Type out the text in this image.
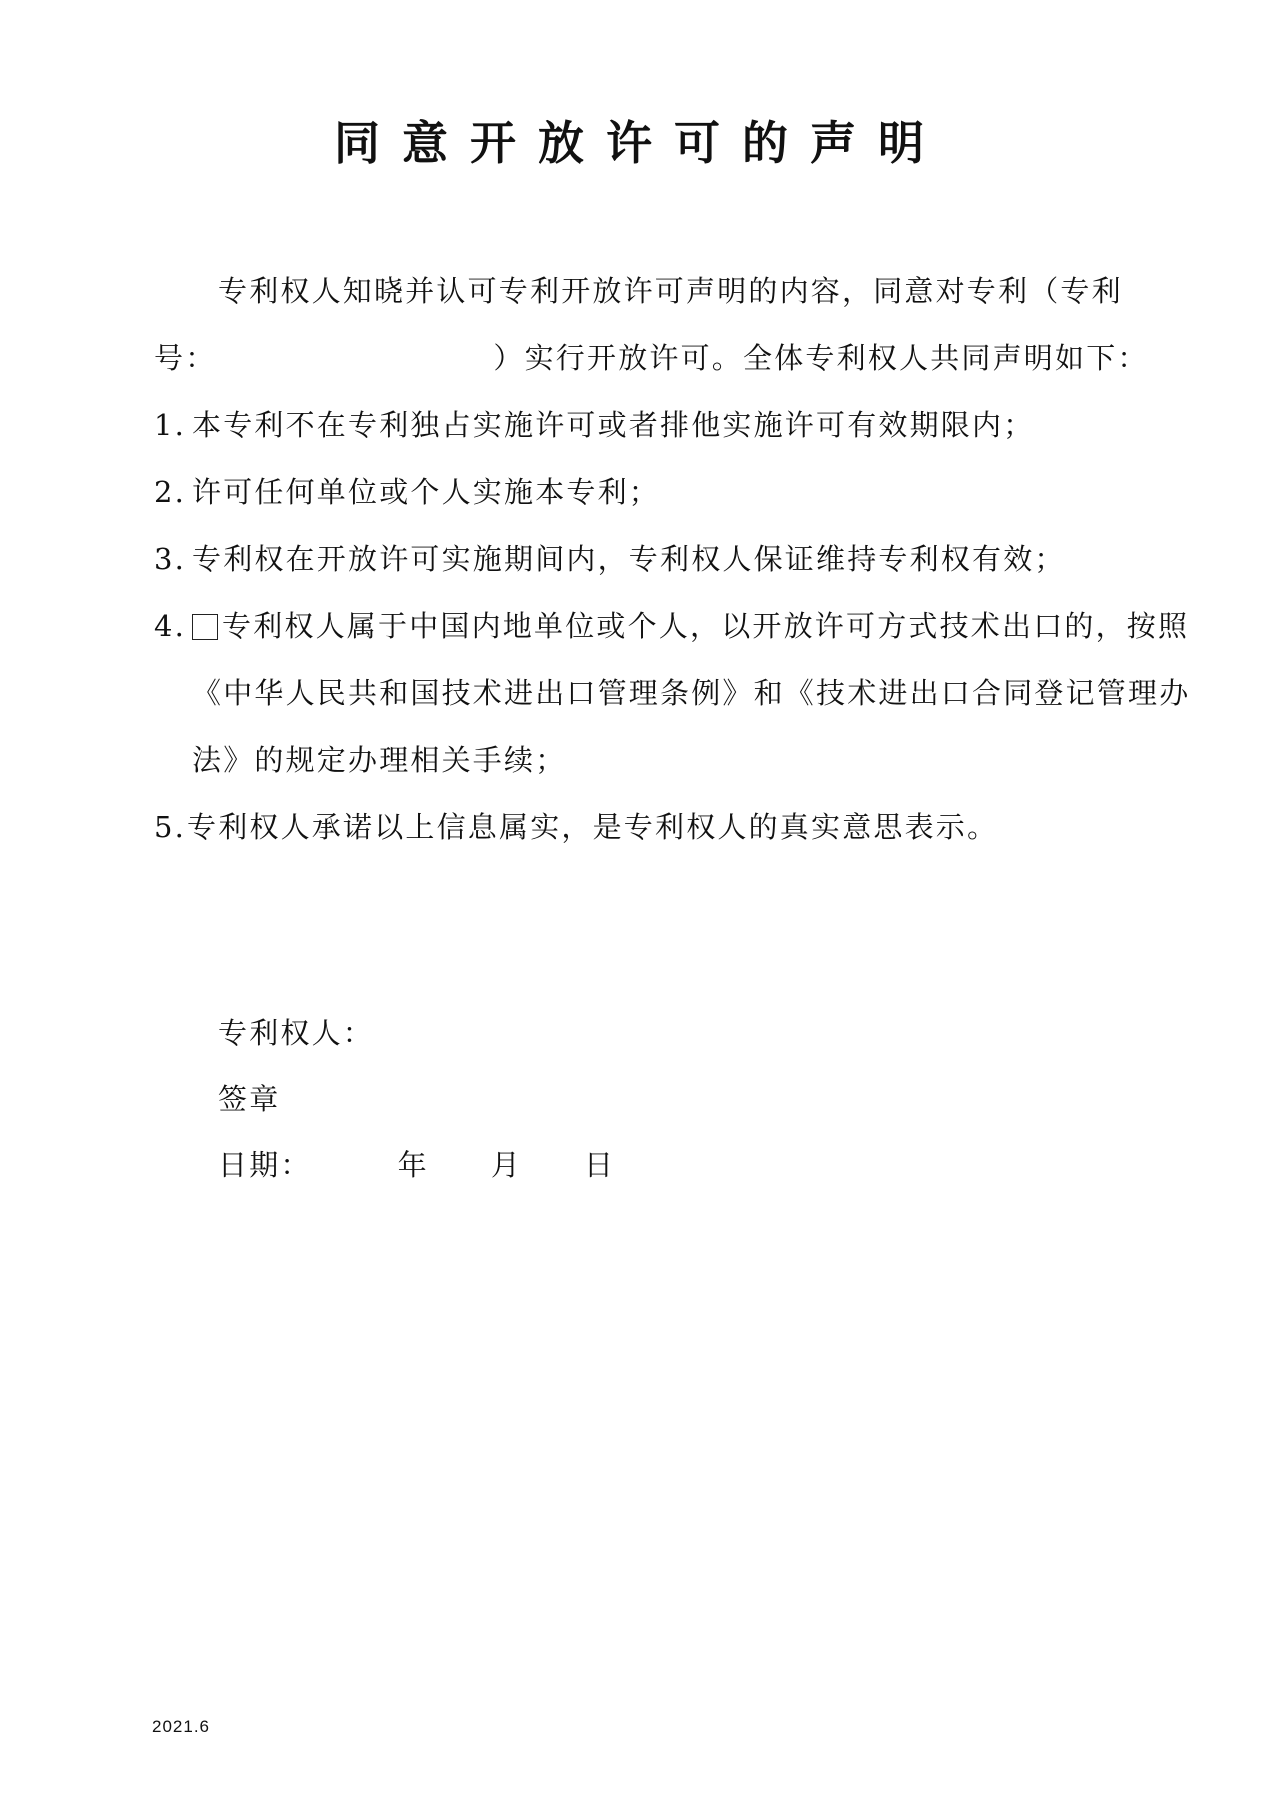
同意开放许可的声明
专利权人知晓并认可专利开放许可声明的内容，同意对专利（专利
号：	）实行开放许可。全体专利权人共同声明如下：
1. 本专利不在专利独占实施许可或者排他实施许可有效期限内；
2. 许可任何单位或个人实施本专利；
3. 专利权在开放许可实施期间内，专利权人保证维持专利权有效；
4.	专利权人属于中国内地单位或个人，以开放许可方式技术出口的，按照《中华人民共和国技术进出口管理条例》和《技术进出口合同登记管理办法》的规定办理相关手续；
5. 专利权人承诺以上信息属实，是专利权人的真实意思表示。
专利权人：
签章
日期：	年 月 日
2021.6
